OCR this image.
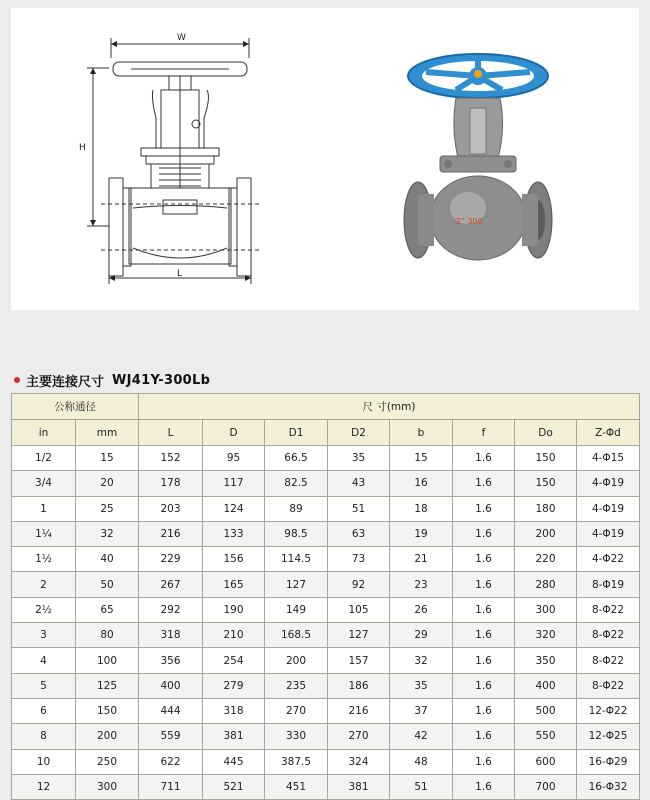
W
H
L
2" 300
主要连接尺寸 WJ41Y-300Lb
公称通径		尺 寸(mm)							
in	mm	L	D	D1	D2	b	f	Do	Z-Φd
1/2	15	152	95	66.5	35	15	1.6	150	4-Φ15
3/4	20	178	117	82.5	43	16	1.6	150	4-Φ19
1	25	203	124	89	51	18	1.6	180	4-Φ19
1¼	32	216	133	98.5	63	19	1.6	200	4-Φ19
1½	40	229	156	114.5	73	21	1.6	220	4-Φ22
2	50	267	165	127	92	23	1.6	280	8-Φ19
2½	65	292	190	149	105	26	1.6	300	8-Φ22
3	80	318	210	168.5	127	29	1.6	320	8-Φ22
4	100	356	254	200	157	32	1.6	350	8-Φ22
5	125	400	279	235	186	35	1.6	400	8-Φ22
6	150	444	318	270	216	37	1.6	500	12-Φ22
8	200	559	381	330	270	42	1.6	550	12-Φ25
10	250	622	445	387.5	324	48	1.6	600	16-Φ29
12	300	711	521	451	381	51	1.6	700	16-Φ32
